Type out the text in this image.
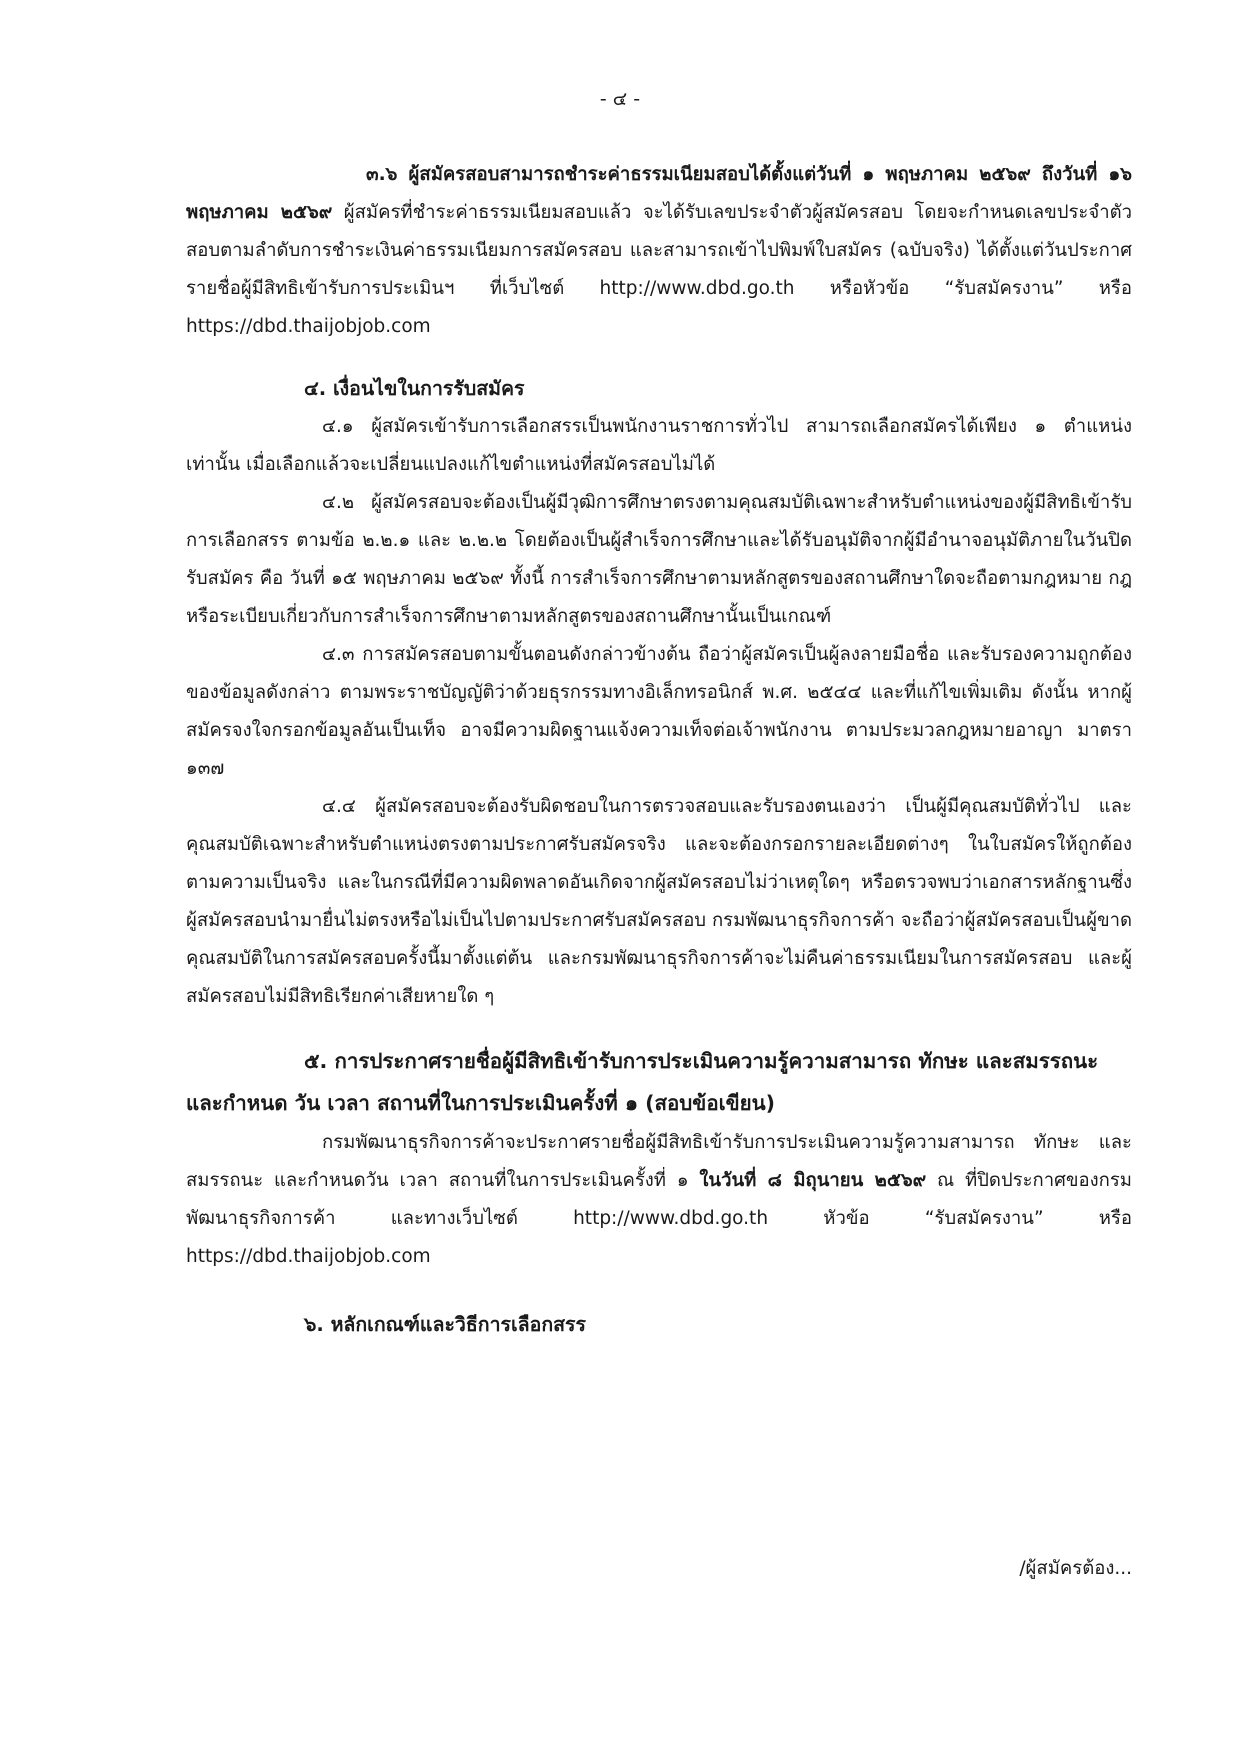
- ๔ -

๓.๖ ผู้สมัครสอบสามารถชำระค่าธรรมเนียมสอบได้ตั้งแต่วันที่ ๑ พฤษภาคม ๒๕๖๙ ถึงวันที่ ๑๖ พฤษภาคม ๒๕๖๙ ผู้สมัครที่ชำระค่าธรรมเนียมสอบแล้ว จะได้รับเลขประจำตัวผู้สมัครสอบ โดยจะกำหนดเลขประจำตัวสอบตามลำดับการชำระเงินค่าธรรมเนียมการสมัครสอบ และสามารถเข้าไปพิมพ์ใบสมัคร (ฉบับจริง) ได้ตั้งแต่วันประกาศรายชื่อผู้มีสิทธิเข้ารับการประเมินฯ ที่เว็บไซต์ http://www.dbd.go.th หรือหัวข้อ “รับสมัครงาน” หรือ https://dbd.thaijobjob.com

๔. เงื่อนไขในการรับสมัคร

๔.๑ ผู้สมัครเข้ารับการเลือกสรรเป็นพนักงานราชการทั่วไป สามารถเลือกสมัครได้เพียง ๑ ตำแหน่ง เท่านั้น เมื่อเลือกแล้วจะเปลี่ยนแปลงแก้ไขตำแหน่งที่สมัครสอบไม่ได้

๔.๒ ผู้สมัครสอบจะต้องเป็นผู้มีวุฒิการศึกษาตรงตามคุณสมบัติเฉพาะสำหรับตำแหน่งของผู้มีสิทธิเข้ารับการเลือกสรร ตามข้อ ๒.๒.๑ และ ๒.๒.๒ โดยต้องเป็นผู้สำเร็จการศึกษาและได้รับอนุมัติจากผู้มีอำนาจอนุมัติภายในวันปิดรับสมัคร คือ วันที่ ๑๕ พฤษภาคม ๒๕๖๙ ทั้งนี้ การสำเร็จการศึกษาตามหลักสูตรของสถานศึกษาใดจะถือตามกฎหมาย กฎหรือระเบียบเกี่ยวกับการสำเร็จการศึกษาตามหลักสูตรของสถานศึกษานั้นเป็นเกณฑ์

๔.๓ การสมัครสอบตามขั้นตอนดังกล่าวข้างต้น ถือว่าผู้สมัครเป็นผู้ลงลายมือชื่อ และรับรองความถูกต้องของข้อมูลดังกล่าว ตามพระราชบัญญัติว่าด้วยธุรกรรมทางอิเล็กทรอนิกส์ พ.ศ. ๒๕๔๔ และที่แก้ไขเพิ่มเติม ดังนั้น หากผู้สมัครจงใจกรอกข้อมูลอันเป็นเท็จ อาจมีความผิดฐานแจ้งความเท็จต่อเจ้าพนักงาน ตามประมวลกฎหมายอาญา มาตรา ๑๓๗

๔.๔ ผู้สมัครสอบจะต้องรับผิดชอบในการตรวจสอบและรับรองตนเองว่า เป็นผู้มีคุณสมบัติทั่วไป และคุณสมบัติเฉพาะสำหรับตำแหน่งตรงตามประกาศรับสมัครจริง และจะต้องกรอกรายละเอียดต่างๆ ในใบสมัครให้ถูกต้องตามความเป็นจริง และในกรณีที่มีความผิดพลาดอันเกิดจากผู้สมัครสอบไม่ว่าเหตุใดๆ หรือตรวจพบว่าเอกสารหลักฐานซึ่งผู้สมัครสอบนำมายื่นไม่ตรงหรือไม่เป็นไปตามประกาศรับสมัครสอบ กรมพัฒนาธุรกิจการค้า จะถือว่าผู้สมัครสอบเป็นผู้ขาดคุณสมบัติในการสมัครสอบครั้งนี้มาตั้งแต่ต้น และกรมพัฒนาธุรกิจการค้าจะไม่คืนค่าธรรมเนียมในการสมัครสอบ และผู้สมัครสอบไม่มีสิทธิเรียกค่าเสียหายใด ๆ

๕. การประกาศรายชื่อผู้มีสิทธิเข้ารับการประเมินความรู้ความสามารถ ทักษะ และสมรรถนะ และกำหนด วัน เวลา สถานที่ในการประเมินครั้งที่ ๑ (สอบข้อเขียน)

กรมพัฒนาธุรกิจการค้าจะประกาศรายชื่อผู้มีสิทธิเข้ารับการประเมินความรู้ความสามารถ ทักษะ และสมรรถนะ และกำหนดวัน เวลา สถานที่ในการประเมินครั้งที่ ๑ ในวันที่ ๘ มิถุนายน ๒๕๖๙ ณ ที่ปิดประกาศของกรมพัฒนาธุรกิจการค้า และทางเว็บไซต์ http://www.dbd.go.th หัวข้อ “รับสมัครงาน” หรือ https://dbd.thaijobjob.com

๖. หลักเกณฑ์และวิธีการเลือกสรร

/ผู้สมัครต้อง...
